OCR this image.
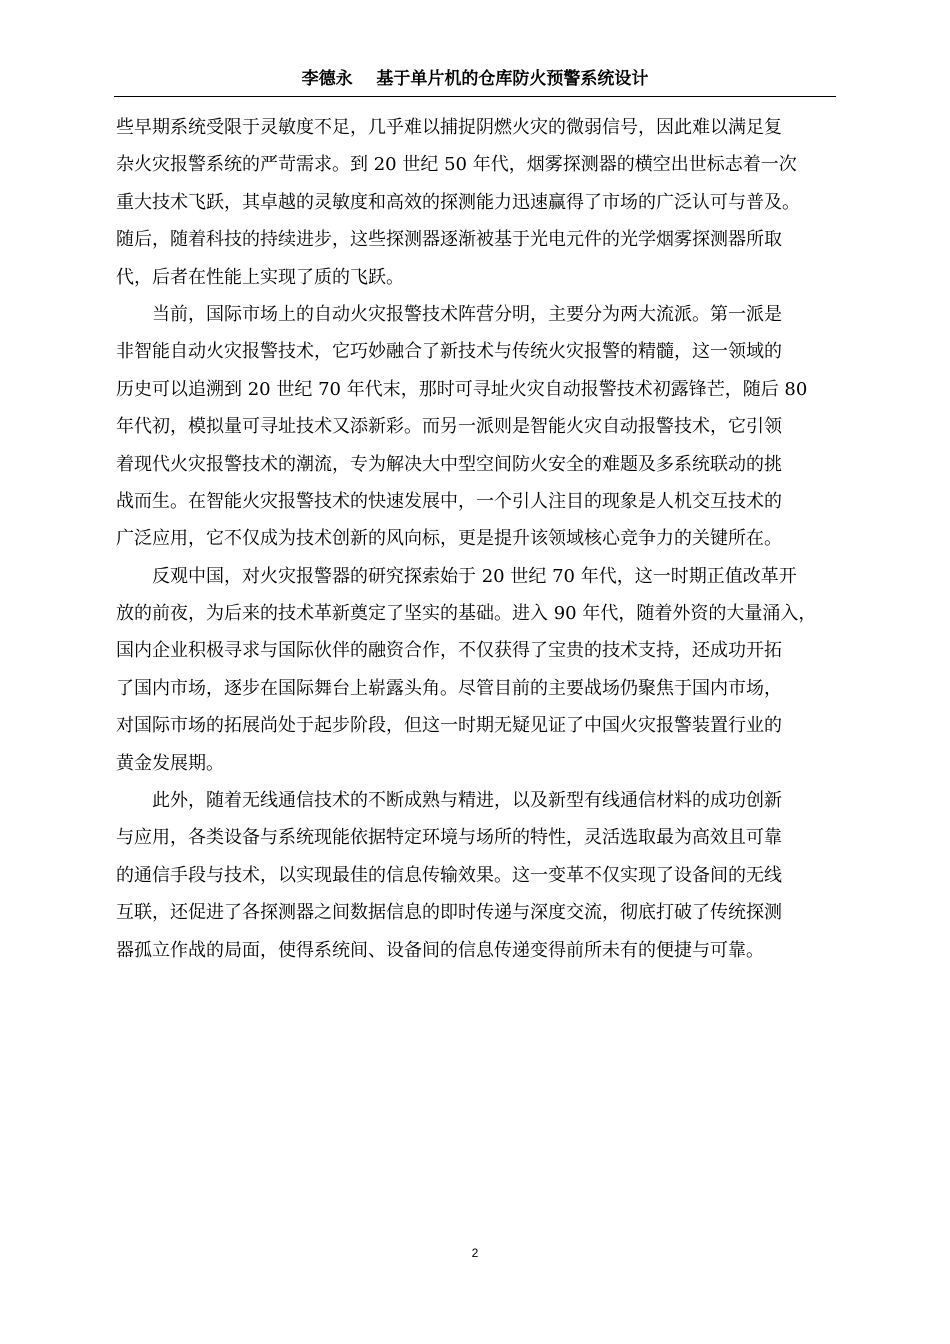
李德永 基于单片机的仓库防火预警系统设计
些早期系统受限于灵敏度不足，几乎难以捕捉阴燃火灾的微弱信号，因此难以满足复
杂火灾报警系统的严苛需求。到 20 世纪 50 年代，烟雾探测器的横空出世标志着一次
重大技术飞跃，其卓越的灵敏度和高效的探测能力迅速赢得了市场的广泛认可与普及。
随后，随着科技的持续进步，这些探测器逐渐被基于光电元件的光学烟雾探测器所取
代，后者在性能上实现了质的飞跃。
当前，国际市场上的自动火灾报警技术阵营分明，主要分为两大流派。第一派是
非智能自动火灾报警技术，它巧妙融合了新技术与传统火灾报警的精髓，这一领域的
历史可以追溯到 20 世纪 70 年代末，那时可寻址火灾自动报警技术初露锋芒，随后 80
年代初，模拟量可寻址技术又添新彩。而另一派则是智能火灾自动报警技术，它引领
着现代火灾报警技术的潮流，专为解决大中型空间防火安全的难题及多系统联动的挑
战而生。在智能火灾报警技术的快速发展中，一个引人注目的现象是人机交互技术的
广泛应用，它不仅成为技术创新的风向标，更是提升该领域核心竞争力的关键所在。
反观中国，对火灾报警器的研究探索始于 20 世纪 70 年代，这一时期正值改革开
放的前夜，为后来的技术革新奠定了坚实的基础。进入 90 年代，随着外资的大量涌入，
国内企业积极寻求与国际伙伴的融资合作，不仅获得了宝贵的技术支持，还成功开拓
了国内市场，逐步在国际舞台上崭露头角。尽管目前的主要战场仍聚焦于国内市场，
对国际市场的拓展尚处于起步阶段，但这一时期无疑见证了中国火灾报警装置行业的
黄金发展期。
此外，随着无线通信技术的不断成熟与精进，以及新型有线通信材料的成功创新
与应用，各类设备与系统现能依据特定环境与场所的特性，灵活选取最为高效且可靠
的通信手段与技术，以实现最佳的信息传输效果。这一变革不仅实现了设备间的无线
互联，还促进了各探测器之间数据信息的即时传递与深度交流，彻底打破了传统探测
器孤立作战的局面，使得系统间、设备间的信息传递变得前所未有的便捷与可靠。
2
